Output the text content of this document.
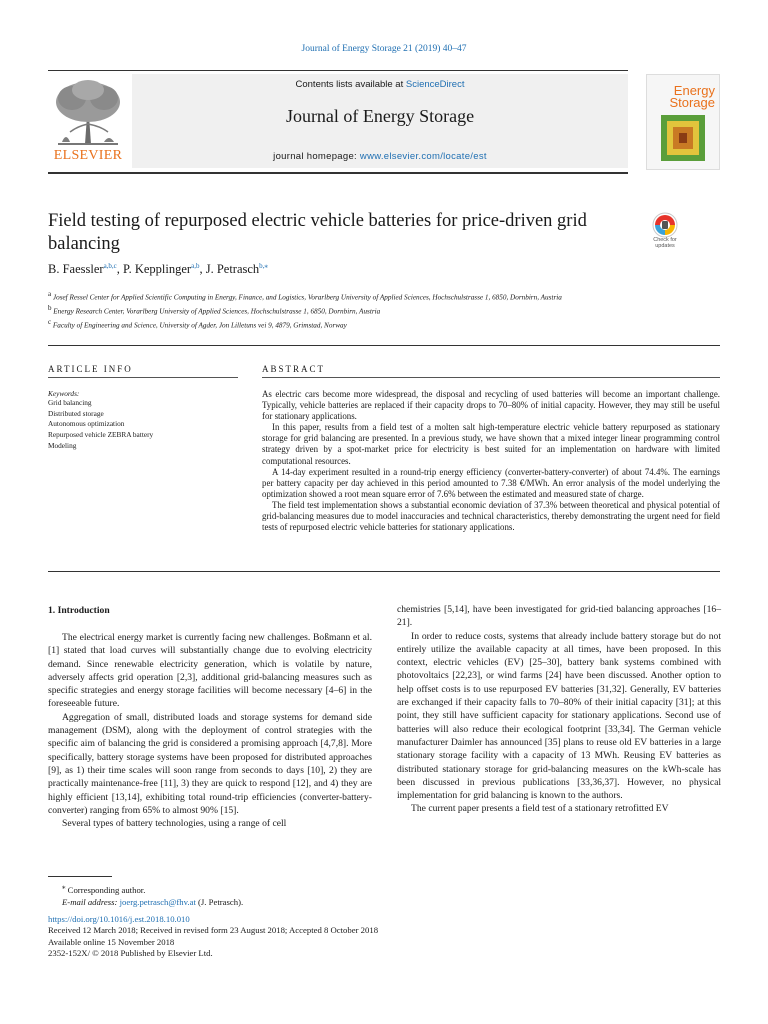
Journal of Energy Storage 21 (2019) 40–47
Contents lists available at ScienceDirect
Journal of Energy Storage
journal homepage: www.elsevier.com/locate/est
ELSEVIER
Energy
Storage
Field testing of repurposed electric vehicle batteries for price-driven grid balancing	Check for updates
B. Faessler$^{a,b,c}$, P. Kepplinger$^{a,b}$, J. Petrasch$^{b,⁎}$
$^a$ Josef Ressel Center for Applied Scientific Computing in Energy, Finance, and Logistics, Vorarlberg University of Applied Sciences, Hochschulstrasse 1, 6850, Dornbirn, Austria
$^b$ Energy Research Center, Vorarlberg University of Applied Sciences, Hochschulstrasse 1, 6850, Dornbirn, Austria
$^c$ Faculty of Engineering and Science, University of Agder, Jon Lilletuns vei 9, 4879, Grimstad, Norway
ARTICLE INFO
Keywords:
Grid balancing
Distributed storage
Autonomous optimization
Repurposed vehicle ZEBRA battery
Modeling
ABSTRACT

As electric cars become more widespread, the disposal and recycling of used batteries will become an important challenge. Typically, vehicle batteries are replaced if their capacity drops to 70–80% of initial capacity. However, they may still be useful for stationary applications.

In this paper, results from a field test of a molten salt high-temperature electric vehicle battery repurposed as stationary storage for grid balancing are presented. In a previous study, we have shown that a mixed integer linear programming control strategy driven by a spot-market price for electricity is best suited for an implementation on hardware with limited computational resources.

A 14-day experiment resulted in a round-trip energy efficiency (converter-battery-converter) of about 74.4%. The earnings per battery capacity per day achieved in this period amounted to 7.38 €/MWh. An error analysis of the model underlying the optimization showed a root mean square error of 7.6% between the estimated and measured state of charge.

The field test implementation shows a substantial economic deviation of 37.3% between theoretical and physical potential of grid-balancing measures due to model inaccuracies and technical characteristics, thereby demonstrating the urgent need for field tests of repurposed electric vehicle batteries for stationary applications.

1. Introduction

The electrical energy market is currently facing new challenges. Boßmann et al. [1] stated that load curves will substantially change due to evolving electricity demand. Since renewable electricity generation, which is volatile by nature, adversely affects grid operation [2,3], additional grid-balancing measures such as specific strategies and energy storage facilities will become necessary [4–6] in the foreseeable future.

Aggregation of small, distributed loads and storage systems for demand side management (DSM), along with the deployment of control strategies with the specific aim of balancing the grid is considered a promising approach [4,7,8]. More specifically, battery storage systems have been proposed for distributed approaches [9], as 1) their time scales will soon range from seconds to days [10], 2) they are practically maintenance-free [11], 3) they are quick to respond [12], and 4) they are highly efficient [13,14], exhibiting total round-trip efficiencies (converter-battery-converter) ranging from 65% to almost 90% [15].

Several types of battery technologies, using a range of cell

chemistries [5,14], have been investigated for grid-tied balancing approaches [16–21].

In order to reduce costs, systems that already include battery storage but do not entirely utilize the available capacity at all times, have been proposed. In this context, electric vehicles (EV) [25–30], battery bank systems combined with photovoltaics [22,23], or wind farms [24] have been discussed. Another option to help offset costs is to use repurposed EV batteries [31,32]. Generally, EV batteries are exchanged if their capacity falls to 70–80% of their initial capacity [31]; at this point, they still have sufficient capacity for stationary applications. Second use of batteries will also reduce their ecological footprint [33,34]. The German vehicle manufacturer Daimler has announced [35] plans to reuse old EV batteries in a large stationary storage facility with a capacity of 13 MWh. Reusing EV batteries as distributed stationary storage for grid-balancing measures on the kWh-scale has been discussed in previous publications [33,36,37]. However, no physical implementation for grid balancing is known to the authors.

The current paper presents a field test of a stationary retrofitted EV

⁎ Corresponding author.
E-mail address: joerg.petrasch@fhv.at (J. Petrasch).
https://doi.org/10.1016/j.est.2018.10.010
Received 12 March 2018; Received in revised form 23 August 2018; Accepted 8 October 2018
Available online 15 November 2018
2352-152X/ © 2018 Published by Elsevier Ltd.
